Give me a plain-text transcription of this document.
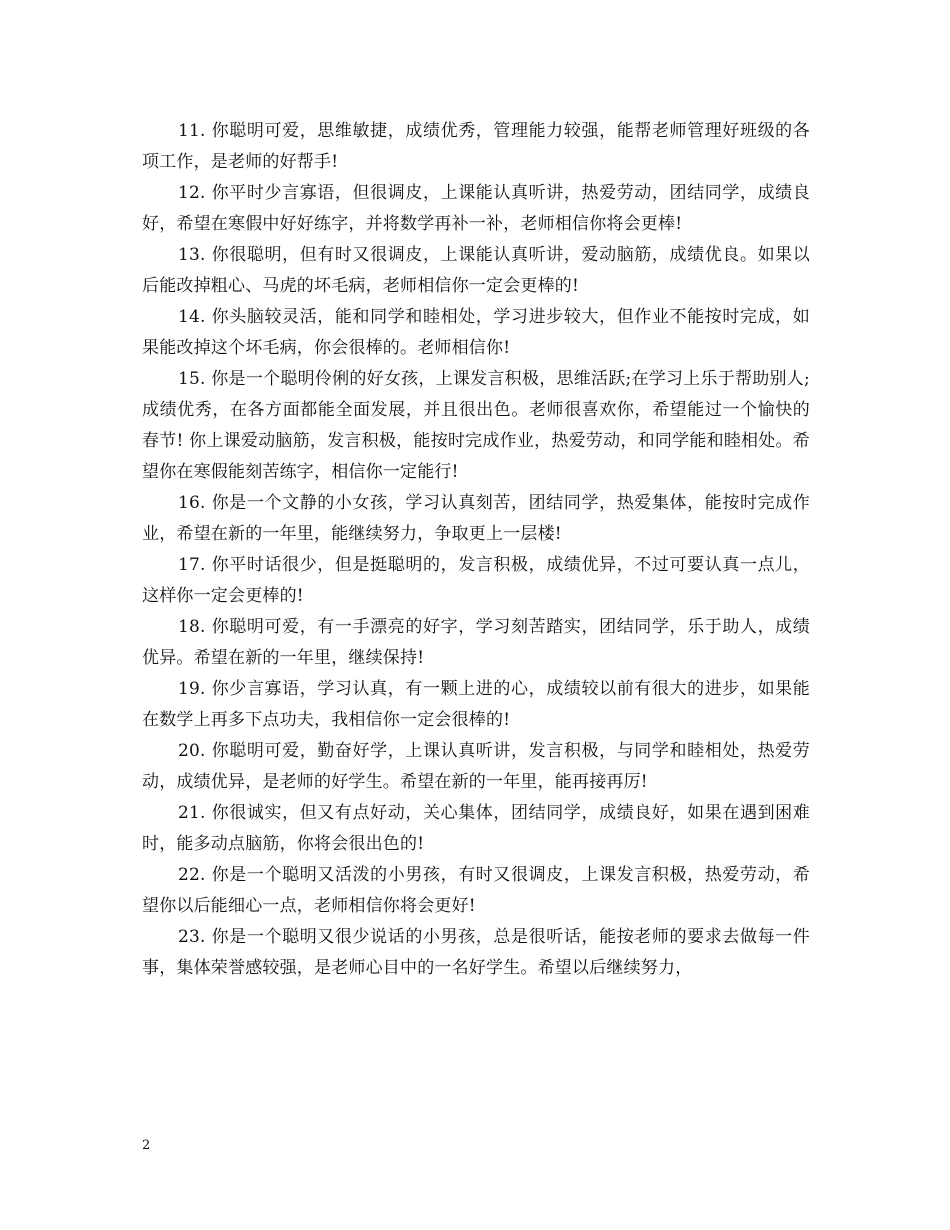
11. 你聪明可爱，思维敏捷，成绩优秀，管理能力较强，能帮老师管理好班级的各项工作，是老师的好帮手!

12. 你平时少言寡语，但很调皮，上课能认真听讲，热爱劳动，团结同学，成绩良好，希望在寒假中好好练字，并将数学再补一补，老师相信你将会更棒!

13. 你很聪明，但有时又很调皮，上课能认真听讲，爱动脑筋，成绩优良。如果以后能改掉粗心、马虎的坏毛病，老师相信你一定会更棒的!

14. 你头脑较灵活，能和同学和睦相处，学习进步较大，但作业不能按时完成，如果能改掉这个坏毛病，你会很棒的。老师相信你!

15. 你是一个聪明伶俐的好女孩，上课发言积极，思维活跃;在学习上乐于帮助别人;成绩优秀，在各方面都能全面发展，并且很出色。老师很喜欢你，希望能过一个愉快的春节! 你上课爱动脑筋，发言积极，能按时完成作业，热爱劳动，和同学能和睦相处。希望你在寒假能刻苦练字，相信你一定能行!

16. 你是一个文静的小女孩，学习认真刻苦，团结同学，热爱集体，能按时完成作业，希望在新的一年里，能继续努力，争取更上一层楼!

17. 你平时话很少，但是挺聪明的，发言积极，成绩优异，不过可要认真一点儿，这样你一定会更棒的!

18. 你聪明可爱，有一手漂亮的好字，学习刻苦踏实，团结同学，乐于助人，成绩优异。希望在新的一年里，继续保持!

19. 你少言寡语，学习认真，有一颗上进的心，成绩较以前有很大的进步，如果能在数学上再多下点功夫，我相信你一定会很棒的!

20. 你聪明可爱，勤奋好学，上课认真听讲，发言积极，与同学和睦相处，热爱劳动，成绩优异，是老师的好学生。希望在新的一年里，能再接再厉!

21. 你很诚实，但又有点好动，关心集体，团结同学，成绩良好，如果在遇到困难时，能多动点脑筋，你将会很出色的!

22. 你是一个聪明又活泼的小男孩，有时又很调皮，上课发言积极，热爱劳动，希望你以后能细心一点，老师相信你将会更好!

23. 你是一个聪明又很少说话的小男孩，总是很听话，能按老师的要求去做每一件事，集体荣誉感较强，是老师心目中的一名好学生。希望以后继续努力，

2
